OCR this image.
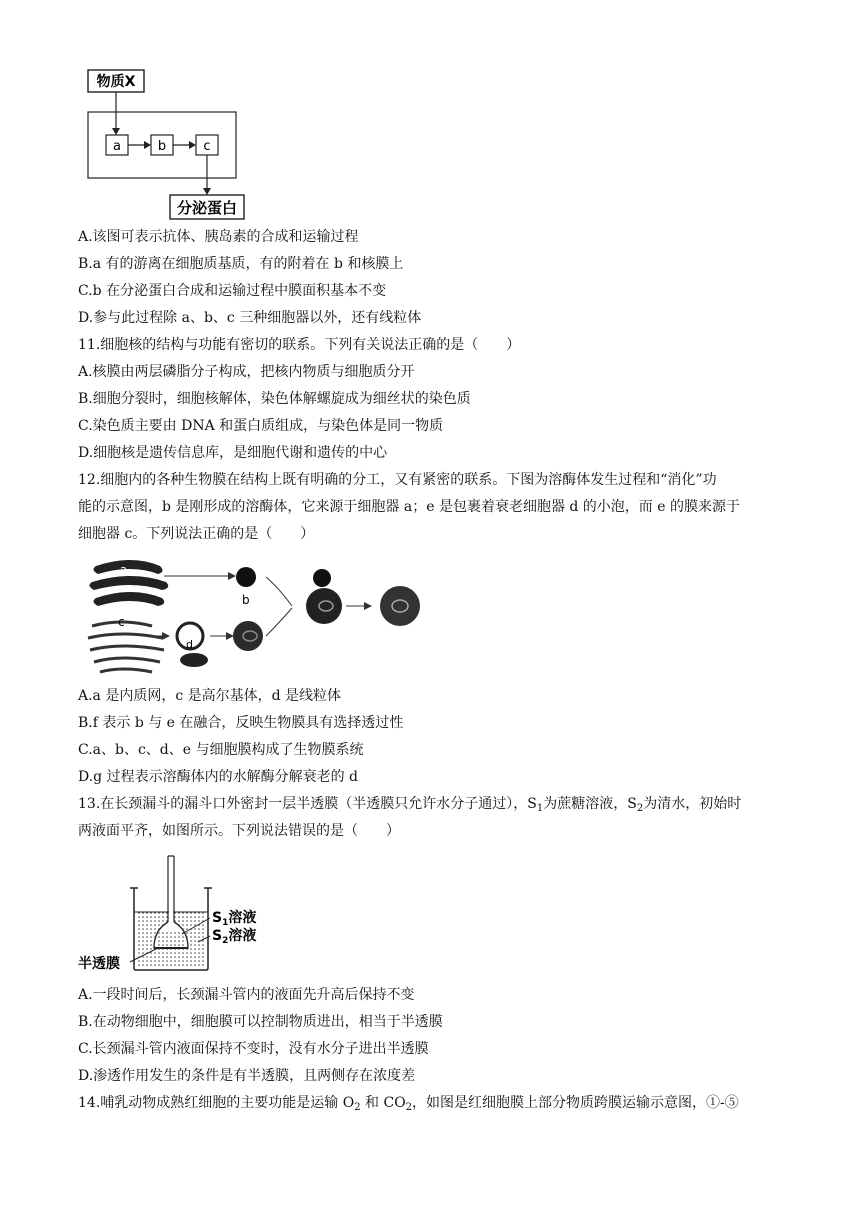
物质X
a	b	c
分泌蛋白
A.该图可表示抗体、胰岛素的合成和运输过程
B.a 有的游离在细胞质基质，有的附着在 b 和核膜上
C.b 在分泌蛋白合成和运输过程中膜面积基本不变
D.参与此过程除 a、b、c 三种细胞器以外，还有线粒体
11.细胞核的结构与功能有密切的联系。下列有关说法正确的是（　　）
A.核膜由两层磷脂分子构成，把核内物质与细胞质分开
B.细胞分裂时，细胞核解体，染色体解螺旋成为细丝状的染色质
C.染色质主要由 DNA 和蛋白质组成，与染色体是同一物质
D.细胞核是遗传信息库，是细胞代谢和遗传的中心
12.细胞内的各种生物膜在结构上既有明确的分工，又有紧密的联系。下图为溶酶体发生过程和“消化”功
能的示意图，b 是刚形成的溶酶体，它来源于细胞器 a；e 是包裹着衰老细胞器 d 的小泡，而 e 的膜来源于
细胞器 c。下列说法正确的是（　　）
a
b
c
d
A.a 是内质网，c 是高尔基体，d 是线粒体
B.f 表示 b 与 e 在融合，反映生物膜具有选择透过性
C.a、b、c、d、e 与细胞膜构成了生物膜系统
D.g 过程表示溶酶体内的水解酶分解衰老的 d
13.在长颈漏斗的漏斗口外密封一层半透膜（半透膜只允许水分子通过），$S_1$为蔗糖溶液，$S_2$为清水，初始时
两液面平齐，如图所示。下列说法错误的是（　　）
$S_1$溶液
$S_2$溶液
半透膜
A.一段时间后，长颈漏斗管内的液面先升高后保持不变
B.在动物细胞中，细胞膜可以控制物质进出，相当于半透膜
C.长颈漏斗管内液面保持不变时，没有水分子进出半透膜
D.渗透作用发生的条件是有半透膜，且两侧存在浓度差
14.哺乳动物成熟红细胞的主要功能是运输 $O_2$ 和 $CO_2$，如图是红细胞膜上部分物质跨膜运输示意图，①-⑤
